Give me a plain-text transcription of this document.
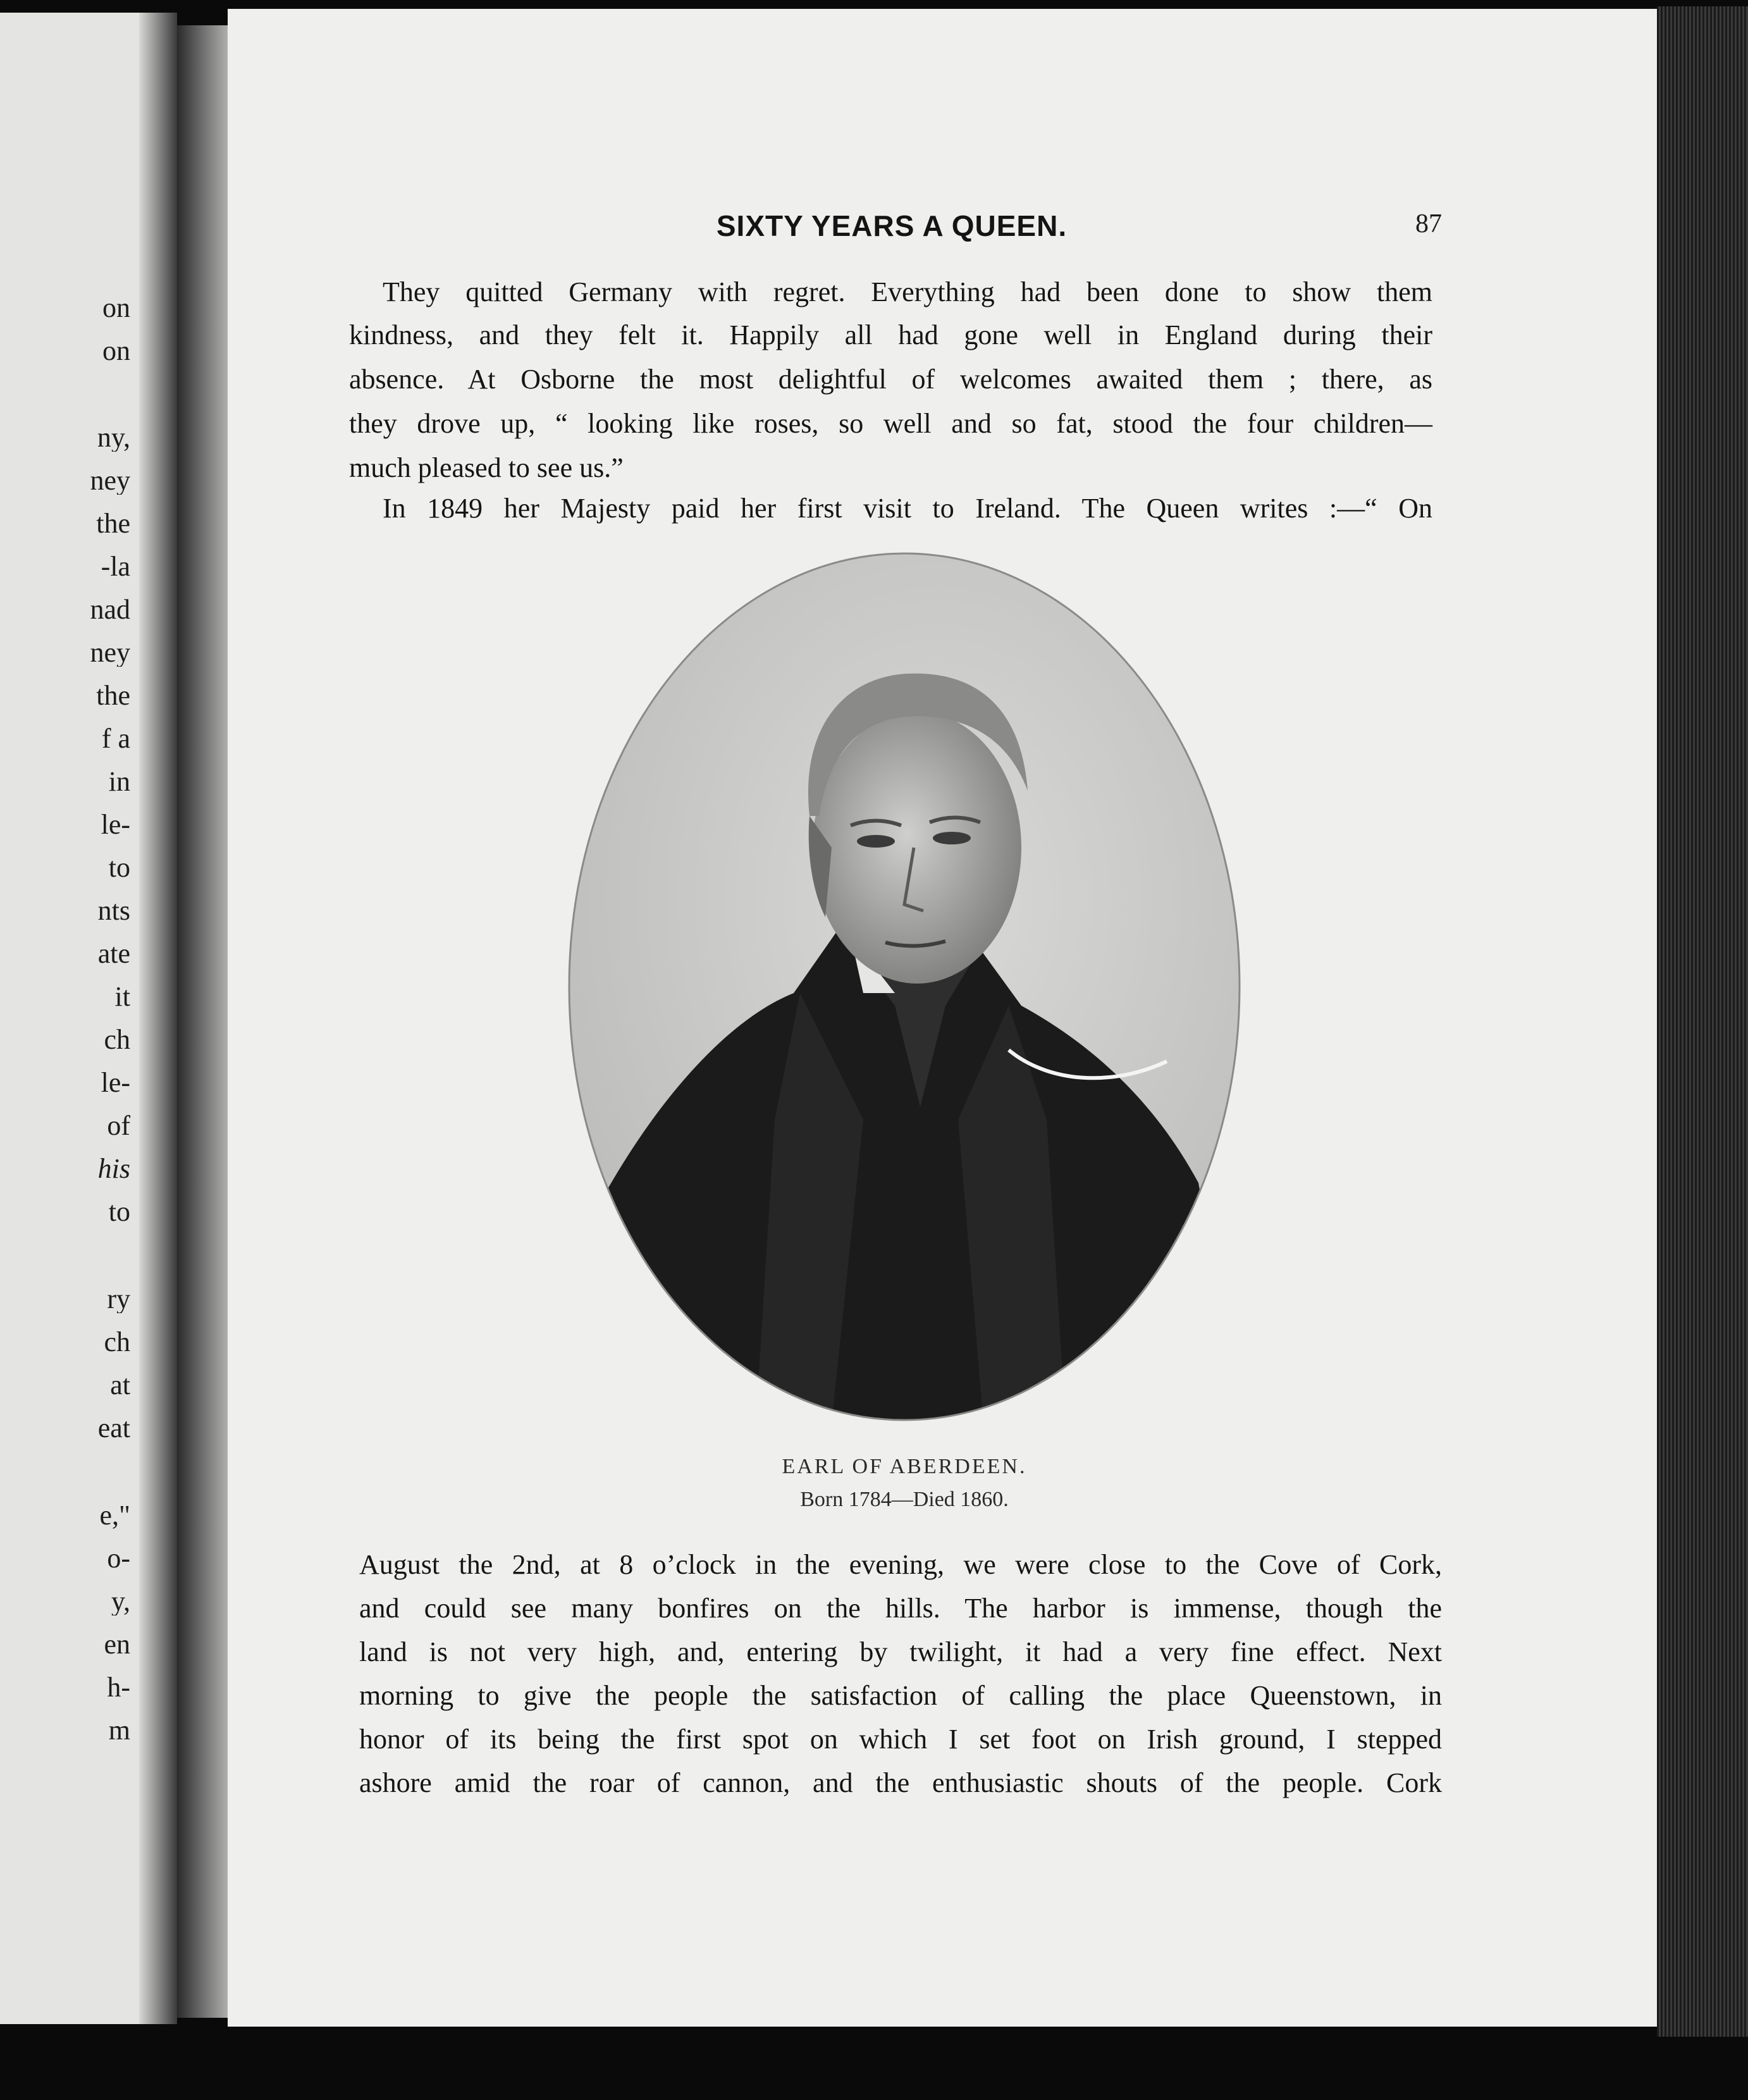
on
on
ny,
ney
the
-la
nad
ney
the
f a
in
le-
to
nts
ate
it
ch
le-
of
his
to
ry
ch
at
eat
e,"
o-
y,
en
h-
m
SIXTY YEARS A QUEEN.	87
They quitted Germany with regret. Everything had been done to show them
kindness, and they felt it. Happily all had gone well in England during their
absence. At Osborne the most delightful of welcomes awaited them ; there, as
they drove up, “ looking like roses, so well and so fat, stood the four children—
much pleased to see us.”
In 1849 her Majesty paid her first visit to Ireland. The Queen writes :—“ On
EARL OF ABERDEEN.
Born 1784—Died 1860.
August the 2nd, at 8 o’clock in the evening, we were close to the Cove of Cork,
and could see many bonfires on the hills. The harbor is immense, though the
land is not very high, and, entering by twilight, it had a very fine effect. Next
morning to give the people the satisfaction of calling the place Queenstown, in
honor of its being the first spot on which I set foot on Irish ground, I stepped
ashore amid the roar of cannon, and the enthusiastic shouts of the people. Cork
